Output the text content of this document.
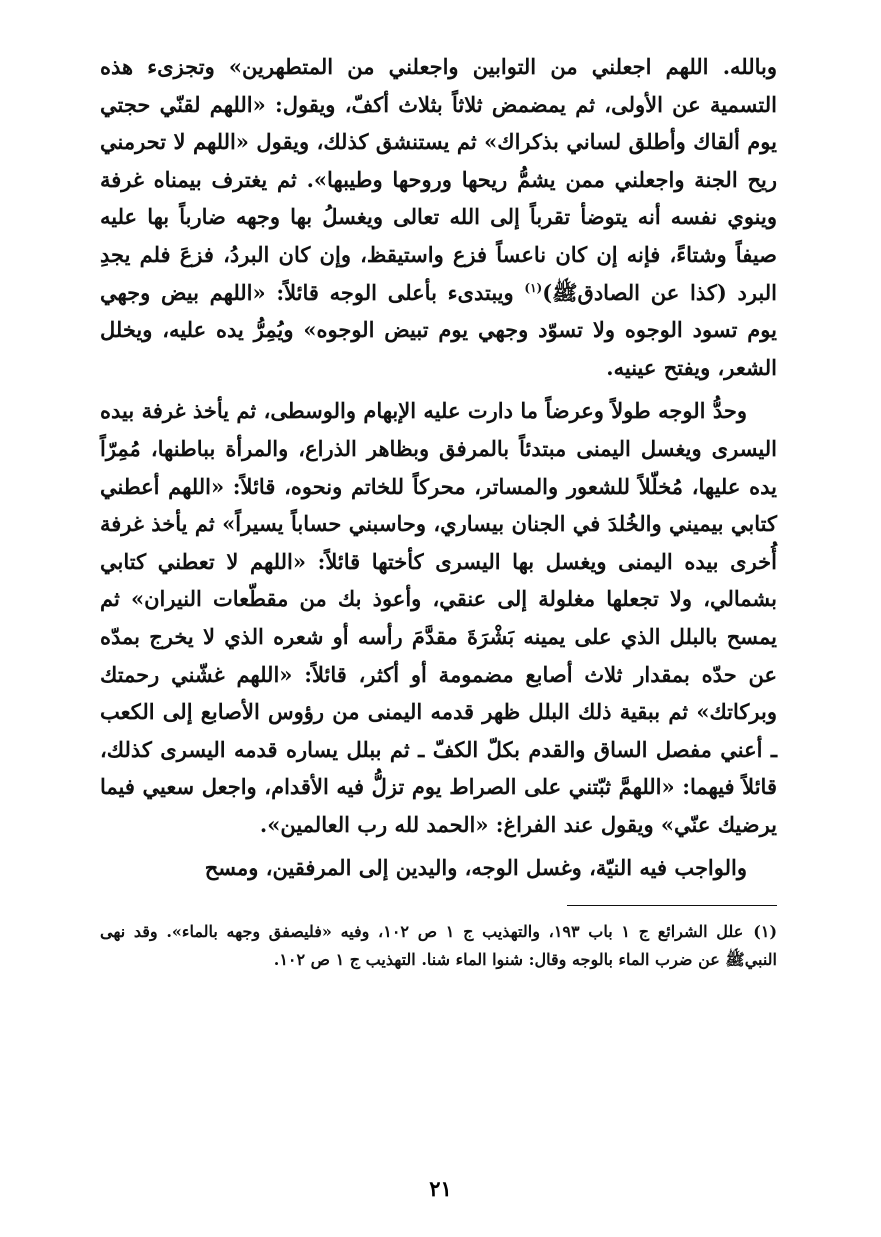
وبالله. اللهم اجعلني من التوابين واجعلني من المتطهرين» وتجزىء هذه التسمية عن الأولى، ثم يمضمض ثلاثاً بثلاث أكفّ، ويقول: «اللهم لقنّي حجتي يوم ألقاك وأطلق لساني بذكراك» ثم يستنشق كذلك، ويقول «اللهم لا تحرمني ريح الجنة واجعلني ممن يشمُّ ريحها وروحها وطيبها». ثم يغترف بيمناه غرفة وينوي نفسه أنه يتوضأ تقرباً إلى الله تعالى ويغسلُ بها وجهه ضارباً بها عليه صيفاً وشتاءً، فإنه إن كان ناعساً فزع واستيقظ، وإن كان البردُ، فزعَ فلم يجدِ البرد (كذا عن الصادقﷺ)$^{(١)}$ ويبتدىء بأعلى الوجه قائلاً: «اللهم بيض وجهي يوم تسود الوجوه ولا تسوّد وجهي يوم تبيض الوجوه» ويُمِرُّ يده عليه، ويخلل الشعر، ويفتح عينيه.

وحدُّ الوجه طولاً وعرضاً ما دارت عليه الإبهام والوسطى، ثم يأخذ غرفة بيده اليسرى ويغسل اليمنى مبتدئاً بالمرفق وبظاهر الذراع، والمرأة بباطنها، مُمِرّاً يده عليها، مُخلّلاً للشعور والمساتر، محركاً للخاتم ونحوه، قائلاً: «اللهم أعطني كتابي بيميني والخُلدَ في الجنان بيساري، وحاسبني حساباً يسيراً» ثم يأخذ غرفة أُخرى بيده اليمنى ويغسل بها اليسرى كأختها قائلاً: «اللهم لا تعطني كتابي بشمالي، ولا تجعلها مغلولة إلى عنقي، وأعوذ بك من مقطّعات النيران» ثم يمسح بالبلل الذي على يمينه بَشْرَةَ مقدَّمَ رأسه أو شعره الذي لا يخرج بمدّه عن حدّه بمقدار ثلاث أصابع مضمومة أو أكثر، قائلاً: «اللهم غشّني رحمتك وبركاتك» ثم ببقية ذلك البلل ظهر قدمه اليمنى من رؤوس الأصابع إلى الكعب ـ أعني مفصل الساق والقدم بكلّ الكفّ ـ ثم ببلل يساره قدمه اليسرى كذلك، قائلاً فيهما: «اللهمَّ ثبّتني على الصراط يوم تزلُّ فيه الأقدام، واجعل سعيي فيما يرضيك عنّي» ويقول عند الفراغ: «الحمد لله رب العالمين».

والواجب فيه النيّة، وغسل الوجه، واليدين إلى المرفقين، ومسح

(١)علل الشرائع ج ١ باب ١٩٣، والتهذيب ج ١ ص ١٠٢، وفيه «فليصفق وجهه بالماء». وقد نهى النبيﷺ عن ضرب الماء بالوجه وقال: شنوا الماء شنا. التهذيب ج ١ ص ١٠٢.

٢١
